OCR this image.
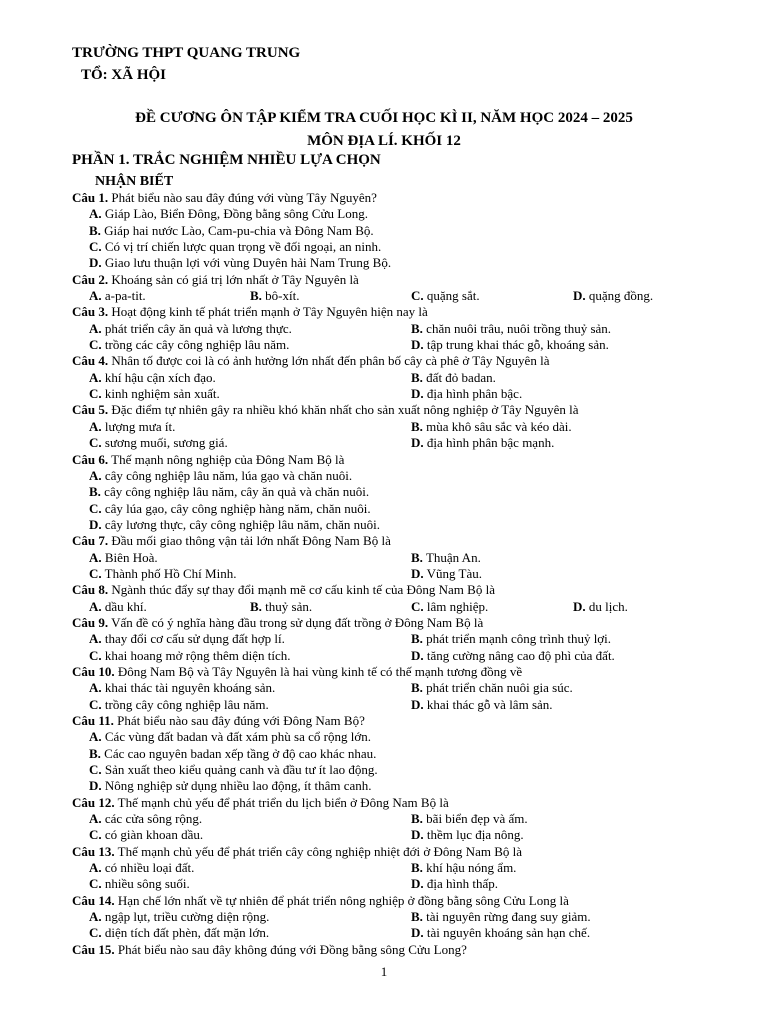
TRƯỜNG THPT QUANG TRUNG
TỔ: XÃ HỘI
ĐỀ CƯƠNG ÔN TẬP KIỂM TRA CUỐI HỌC KÌ II, NĂM HỌC 2024 – 2025
MÔN ĐỊA LÍ. KHỐI 12
PHẦN 1. TRẮC NGHIỆM NHIỀU LỰA CHỌN
NHẬN BIẾT
Câu 1. Phát biểu nào sau đây đúng với vùng Tây Nguyên?
A. Giáp Lào, Biển Đông, Đồng bằng sông Cửu Long.
B. Giáp hai nước Lào, Cam-pu-chia và Đông Nam Bộ.
C. Có vị trí chiến lược quan trọng về đối ngoại, an ninh.
D. Giao lưu thuận lợi với vùng Duyên hải Nam Trung Bộ.
Câu 2. Khoáng sản có giá trị lớn nhất ở Tây Nguyên là
A. a-pa-tit.	B. bô-xít.	C. quặng sắt.	D. quặng đồng.
Câu 3. Hoạt động kinh tế phát triển mạnh ở Tây Nguyên hiện nay là
A. phát triển cây ăn quả và lương thực.	B. chăn nuôi trâu, nuôi trồng thuỷ sản.
C. trồng các cây công nghiệp lâu năm.	D. tập trung khai thác gỗ, khoáng sản.
Câu 4. Nhân tố được coi là có ảnh hưởng lớn nhất đến phân bố cây cà phê ở Tây Nguyên là
A. khí hậu cận xích đạo.	B. đất đỏ badan.
C. kinh nghiệm sản xuất.	D. địa hình phân bậc.
Câu 5. Đặc điểm tự nhiên gây ra nhiều khó khăn nhất cho sản xuất nông nghiệp ở Tây Nguyên là
A. lượng mưa ít.	B. mùa khô sâu sắc và kéo dài.
C. sương muối, sương giá.	D. địa hình phân bậc mạnh.
Câu 6. Thế mạnh nông nghiệp của Đông Nam Bộ là
A. cây công nghiệp lâu năm, lúa gạo và chăn nuôi.
B. cây công nghiệp lâu năm, cây ăn quả và chăn nuôi.
C. cây lúa gạo, cây công nghiệp hàng năm, chăn nuôi.
D. cây lương thực, cây công nghiệp lâu năm, chăn nuôi.
Câu 7. Đầu mối giao thông vận tải lớn nhất Đông Nam Bộ là
A. Biên Hoà.	B. Thuận An.
C. Thành phố Hồ Chí Minh.	D. Vũng Tàu.
Câu 8. Ngành thúc đẩy sự thay đổi mạnh mẽ cơ cấu kinh tế của Đông Nam Bộ là
A. dầu khí.	B. thuỷ sản.	C. lâm nghiệp.	D. du lịch.
Câu 9. Vấn đề có ý nghĩa hàng đầu trong sử dụng đất trồng ở Đông Nam Bộ là
A. thay đổi cơ cấu sử dụng đất hợp lí.	B. phát triển mạnh công trình thuỷ lợi.
C. khai hoang mở rộng thêm diện tích.	D. tăng cường nâng cao độ phì của đất.
Câu 10. Đông Nam Bộ và Tây Nguyên là hai vùng kinh tế có thế mạnh tương đồng về
A. khai thác tài nguyên khoáng sản.	B. phát triển chăn nuôi gia súc.
C. trồng cây công nghiệp lâu năm.	D. khai thác gỗ và lâm sản.
Câu 11. Phát biểu nào sau đây đúng với Đông Nam Bộ?
A. Các vùng đất badan và đất xám phù sa cổ rộng lớn.
B. Các cao nguyên badan xếp tầng ở độ cao khác nhau.
C. Sản xuất theo kiểu quảng canh và đầu tư ít lao động.
D. Nông nghiệp sử dụng nhiều lao động, ít thâm canh.
Câu 12. Thế mạnh chủ yếu để phát triển du lịch biển ở Đông Nam Bộ là
A. các cửa sông rộng.	B. bãi biển đẹp và ấm.
C. có giàn khoan dầu.	D. thềm lục địa nông.
Câu 13. Thế mạnh chủ yếu để phát triển cây công nghiệp nhiệt đới ở Đông Nam Bộ là
A. có nhiều loại đất.	B. khí hậu nóng ẩm.
C. nhiều sông suối.	D. địa hình thấp.
Câu 14. Hạn chế lớn nhất về tự nhiên để phát triển nông nghiệp ở đồng bằng sông Cửu Long là
A. ngập lụt, triều cường diện rộng.	B. tài nguyên rừng đang suy giảm.
C. diện tích đất phèn, đất mặn lớn.	D. tài nguyên khoáng sản hạn chế.
Câu 15. Phát biểu nào sau đây không đúng với Đồng bằng sông Cửu Long?
1
